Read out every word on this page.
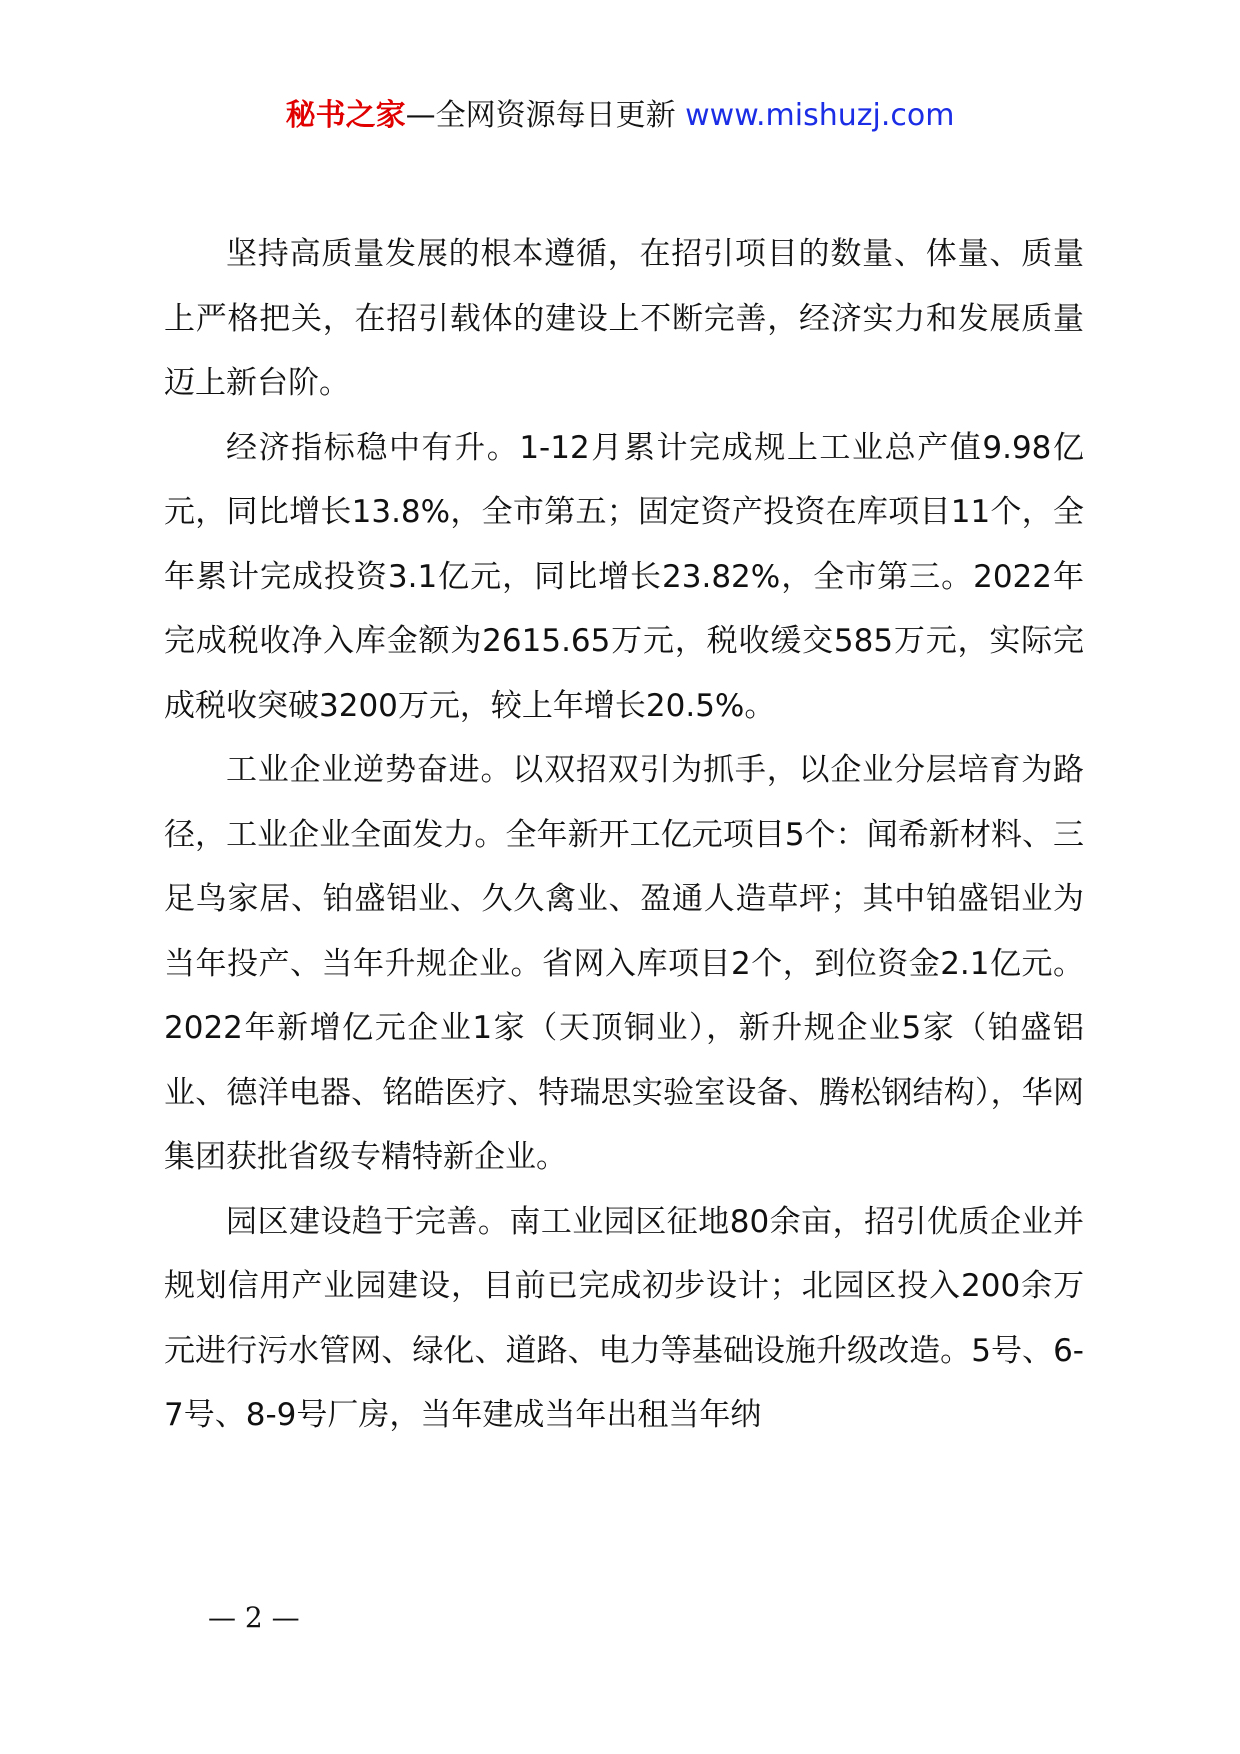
秘书之家—全网资源每日更新 www.mishuzj.com

坚持高质量发展的根本遵循，在招引项目的数量、体量、质量上严格把关，在招引载体的建设上不断完善，经济实力和发展质量迈上新台阶。

经济指标稳中有升。1-12月累计完成规上工业总产值9.98亿元，同比增长13.8%，全市第五；固定资产投资在库项目11个，全年累计完成投资3.1亿元，同比增长23.82%，全市第三。2022年完成税收净入库金额为2615.65万元，税收缓交585万元，实际完成税收突破3200万元，较上年增长20.5%。

工业企业逆势奋进。以双招双引为抓手，以企业分层培育为路径，工业企业全面发力。全年新开工亿元项目5个：闻希新材料、三足鸟家居、铂盛铝业、久久禽业、盈通人造草坪；其中铂盛铝业为当年投产、当年升规企业。省网入库项目2个，到位资金2.1亿元。2022年新增亿元企业1家（天顶铜业），新升规企业5家（铂盛铝业、德洋电器、铭皓医疗、特瑞思实验室设备、腾松钢结构），华网集团获批省级专精特新企业。

园区建设趋于完善。南工业园区征地80余亩，招引优质企业并规划信用产业园建设，目前已完成初步设计；北园区投入200余万元进行污水管网、绿化、道路、电力等基础设施升级改造。5号、6-7号、8-9号厂房，当年建成当年出租当年纳

— 2 —
